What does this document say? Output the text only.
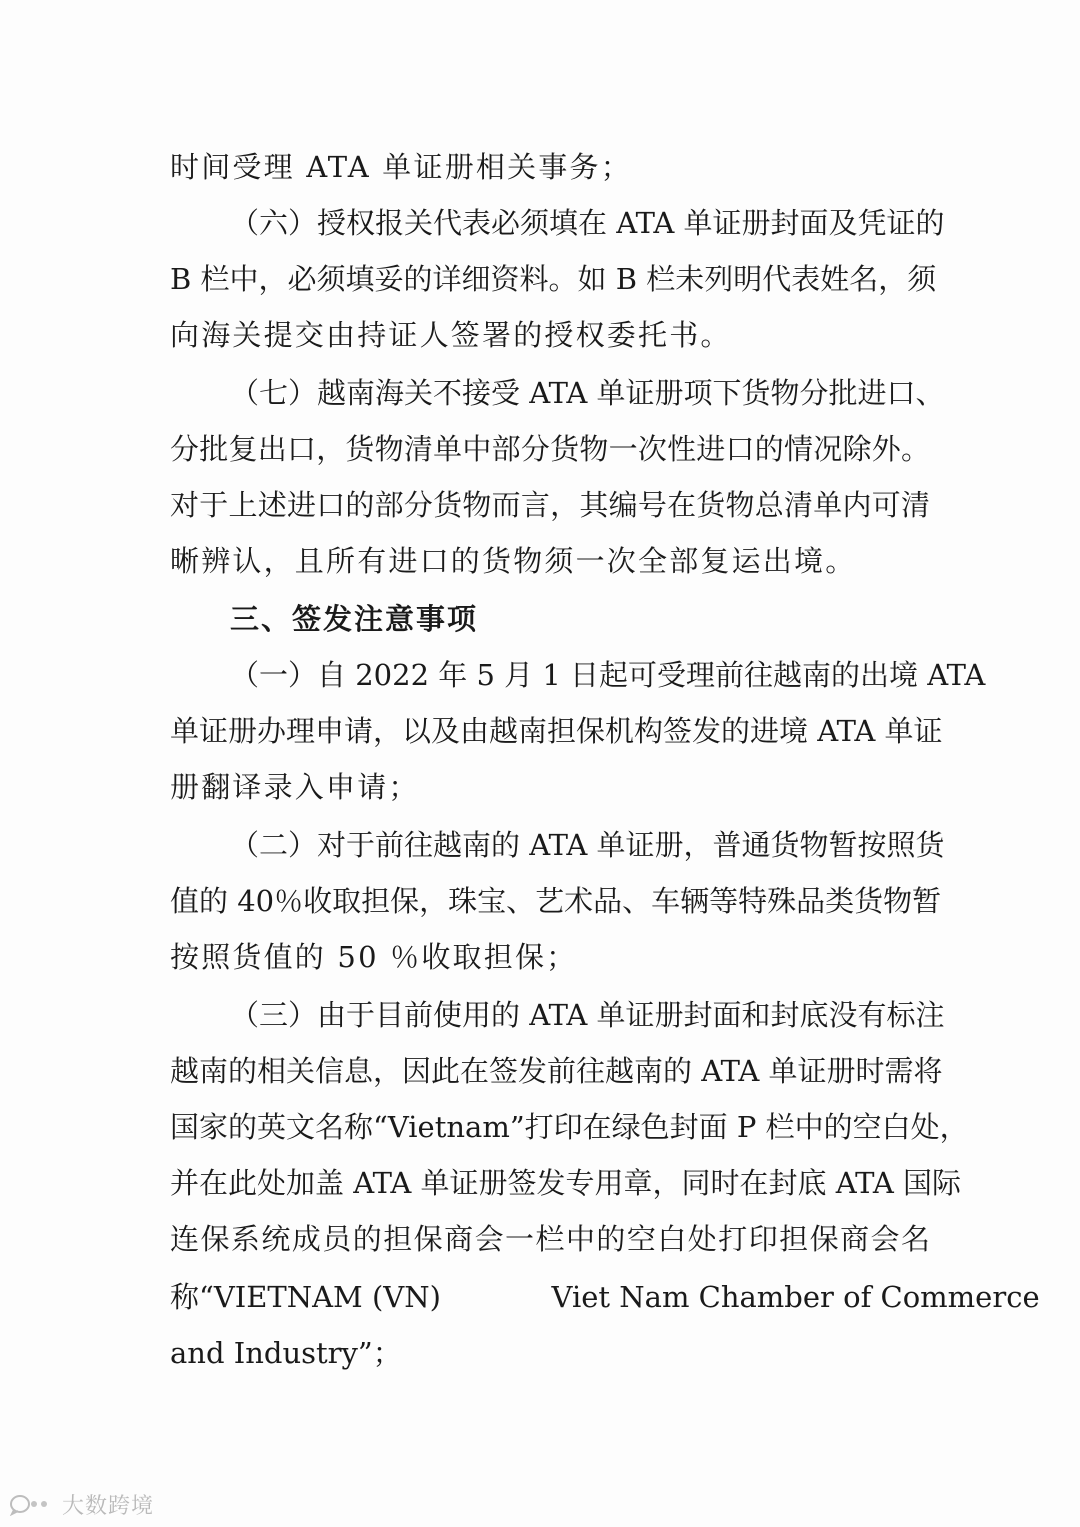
时间受理 ATA 单证册相关事务；
（六）授权报关代表必须填在 ATA 单证册封面及凭证的
B 栏中，必须填妥的详细资料。如 B 栏未列明代表姓名，须
向海关提交由持证人签署的授权委托书。
（七）越南海关不接受 ATA 单证册项下货物分批进口、
分批复出口，货物清单中部分货物一次性进口的情况除外。
对于上述进口的部分货物而言，其编号在货物总清单内可清
晰辨认，且所有进口的货物须一次全部复运出境。
三、签发注意事项
（一）自 2022 年 5 月 1 日起可受理前往越南的出境 ATA
单证册办理申请，以及由越南担保机构签发的进境 ATA 单证
册翻译录入申请；
（二）对于前往越南的 ATA 单证册，普通货物暂按照货
值的 40％收取担保，珠宝、艺术品、车辆等特殊品类货物暂
按照货值的 50 ％收取担保；
（三）由于目前使用的 ATA 单证册封面和封底没有标注
越南的相关信息，因此在签发前往越南的 ATA 单证册时需将
国家的英文名称“Vietnam”打印在绿色封面 P 栏中的空白处，
并在此处加盖 ATA 单证册签发专用章，同时在封底 ATA 国际
连保系统成员的担保商会一栏中的空白处打印担保商会名
称“VIETNAM (VN)            Viet Nam Chamber of Commerce
and Industry”；
大数跨境
